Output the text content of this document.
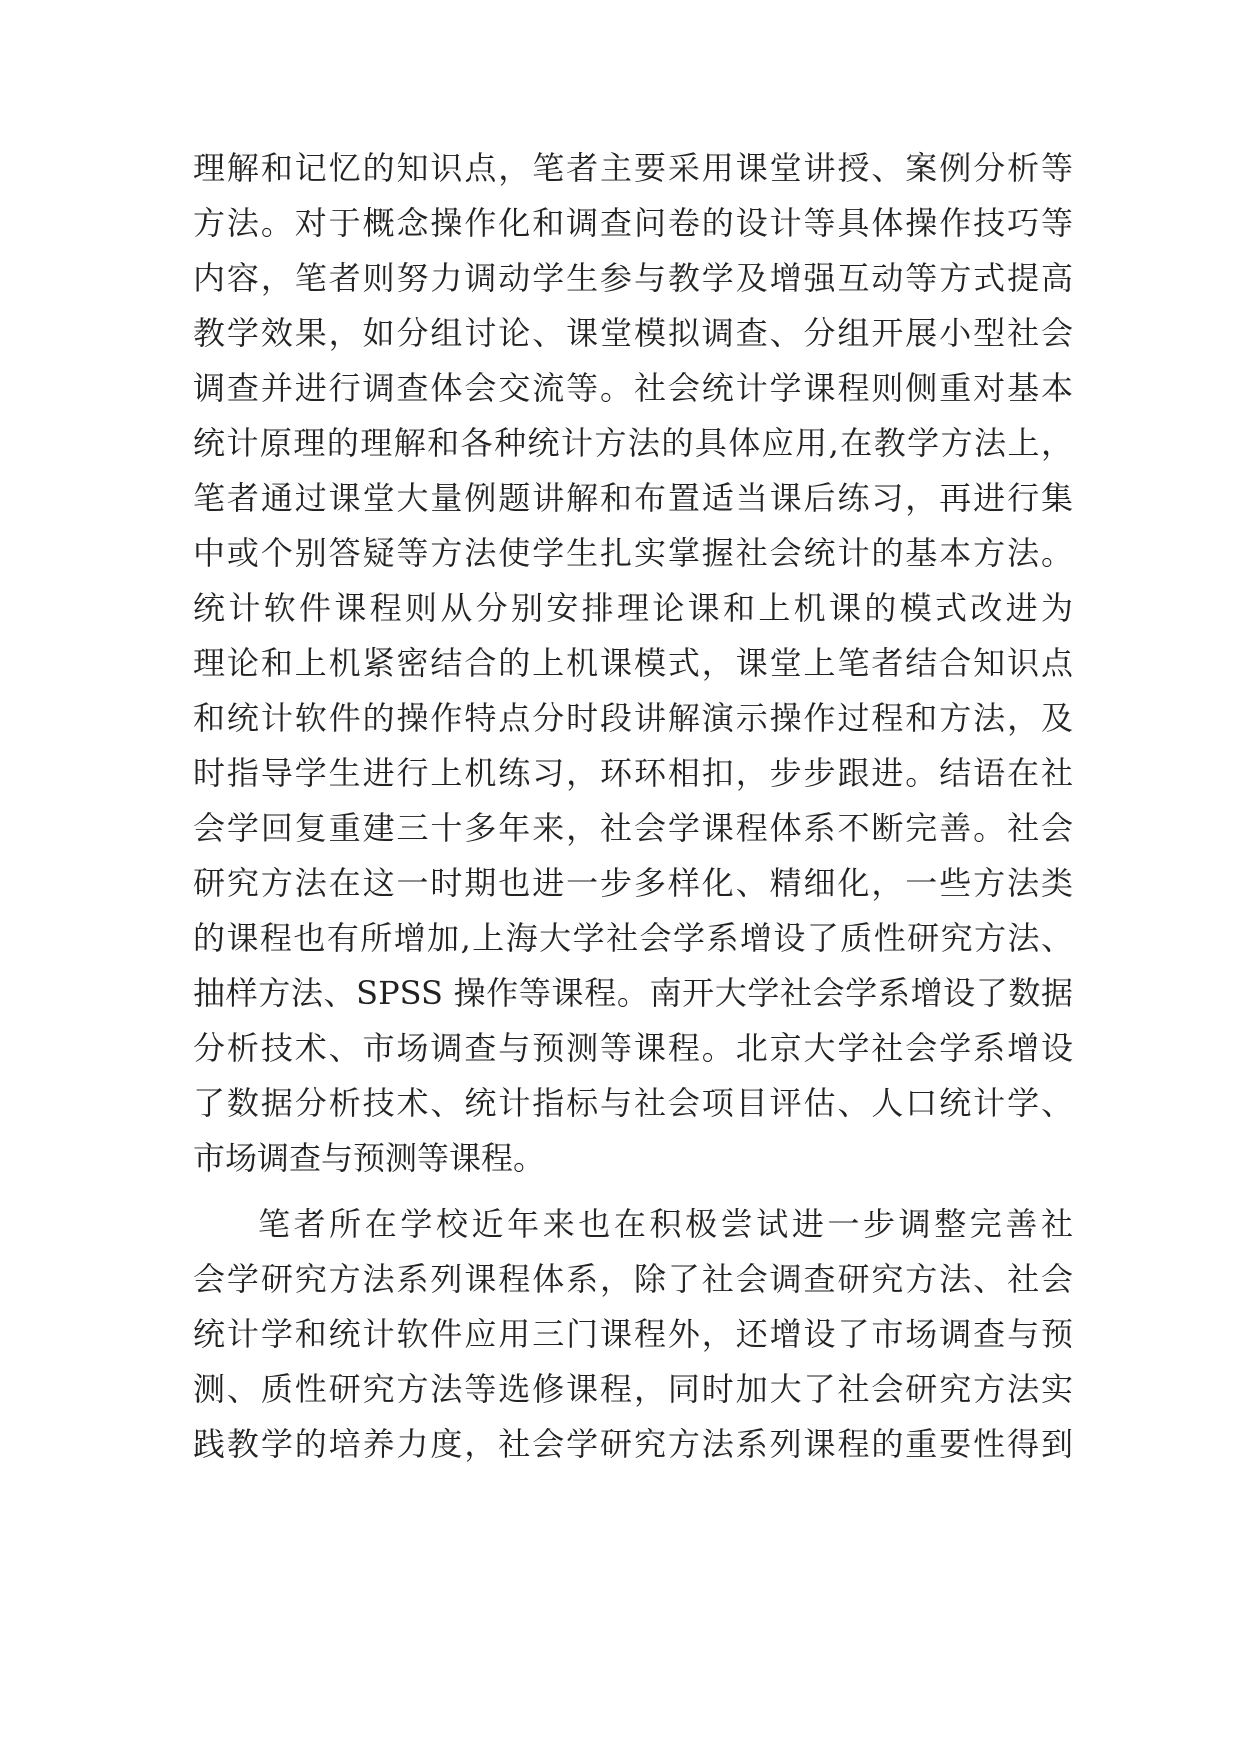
理解和记忆的知识点，笔者主要采用课堂讲授、案例分析等
方法。对于概念操作化和调查问卷的设计等具体操作技巧等
内容，笔者则努力调动学生参与教学及增强互动等方式提高
教学效果，如分组讨论、课堂模拟调查、分组开展小型社会
调查并进行调查体会交流等。社会统计学课程则侧重对基本
统计原理的理解和各种统计方法的具体应用,在教学方法上，
笔者通过课堂大量例题讲解和布置适当课后练习，再进行集
中或个别答疑等方法使学生扎实掌握社会统计的基本方法。
统计软件课程则从分别安排理论课和上机课的模式改进为
理论和上机紧密结合的上机课模式，课堂上笔者结合知识点
和统计软件的操作特点分时段讲解演示操作过程和方法，及
时指导学生进行上机练习，环环相扣，步步跟进。结语在社
会学回复重建三十多年来，社会学课程体系不断完善。社会
研究方法在这一时期也进一步多样化、精细化，一些方法类
的课程也有所增加,上海大学社会学系增设了质性研究方法、
抽样方法、SPSS 操作等课程。南开大学社会学系增设了数据
分析技术、市场调查与预测等课程。北京大学社会学系增设
了数据分析技术、统计指标与社会项目评估、人口统计学、
市场调查与预测等课程。
笔者所在学校近年来也在积极尝试进一步调整完善社
会学研究方法系列课程体系，除了社会调查研究方法、社会
统计学和统计软件应用三门课程外，还增设了市场调查与预
测、质性研究方法等选修课程，同时加大了社会研究方法实
践教学的培养力度，社会学研究方法系列课程的重要性得到
